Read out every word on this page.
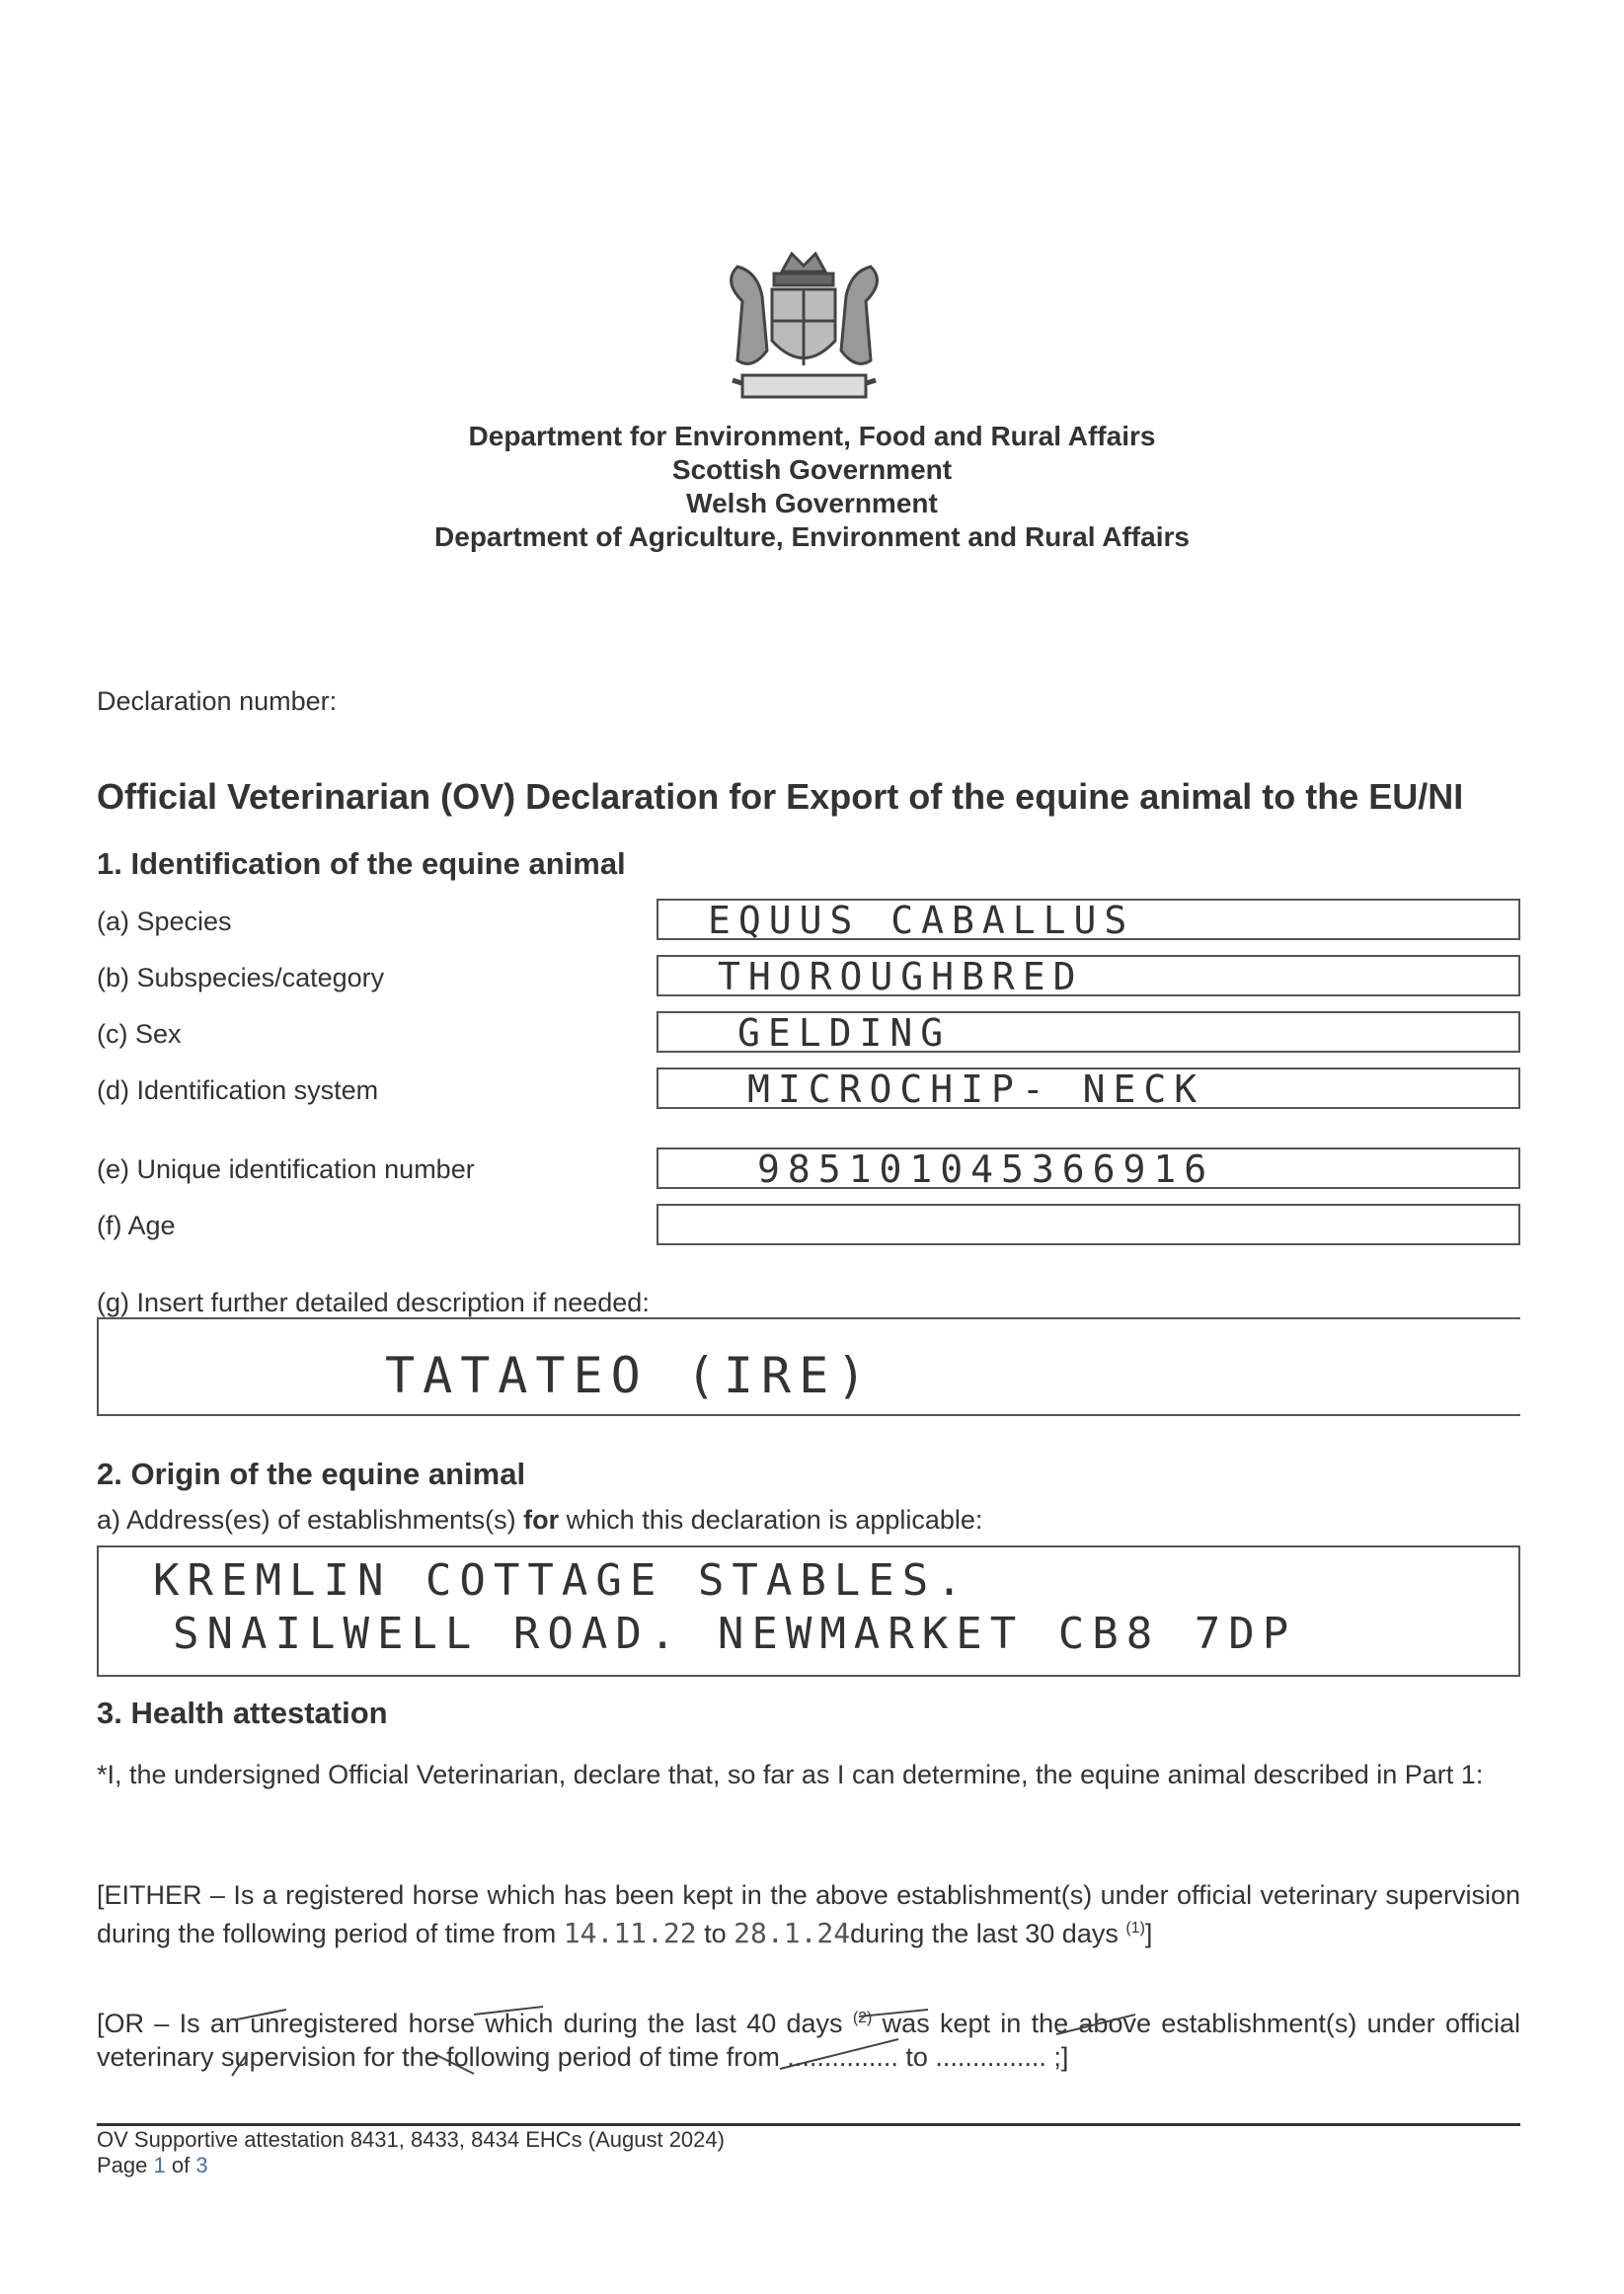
Department for Environment, Food and Rural Affairs
Scottish Government
Welsh Government
Department of Agriculture, Environment and Rural Affairs
Declaration number:
Official Veterinarian (OV) Declaration for Export of the equine animal to the EU/NI
1. Identification of the equine animal
(a) Species	EQUUS CABALLUS
(b) Subspecies/category	THOROUGHBRED
(c) Sex	GELDING
(d) Identification system	MICROCHIP- NECK
(e) Unique identification number	985101045366916
(f) Age
(g) Insert further detailed description if needed:
TATATEO (IRE)
2. Origin of the equine animal
a) Address(es) of establishments(s) for which this declaration is applicable:
KREMLIN COTTAGE STABLES.
SNAILWELL ROAD. NEWMARKET CB8 7DP
3. Health attestation
*I, the undersigned Official Veterinarian, declare that, so far as I can determine, the equine animal described in Part 1:
[EITHER – Is a registered horse which has been kept in the above establishment(s) under official veterinary supervision during the following period of time from 14.11.22 to 28.1.24during the last 30 days $^{(1)}$]
[OR – Is an unregistered horse which during the last 40 days $^{(2)}$ was kept in the above establishment(s) under official veterinary supervision for the following period of time from ............... to ............... ;]
OV Supportive attestation 8431, 8433, 8434 EHCs (August 2024)
Page 1 of 3
